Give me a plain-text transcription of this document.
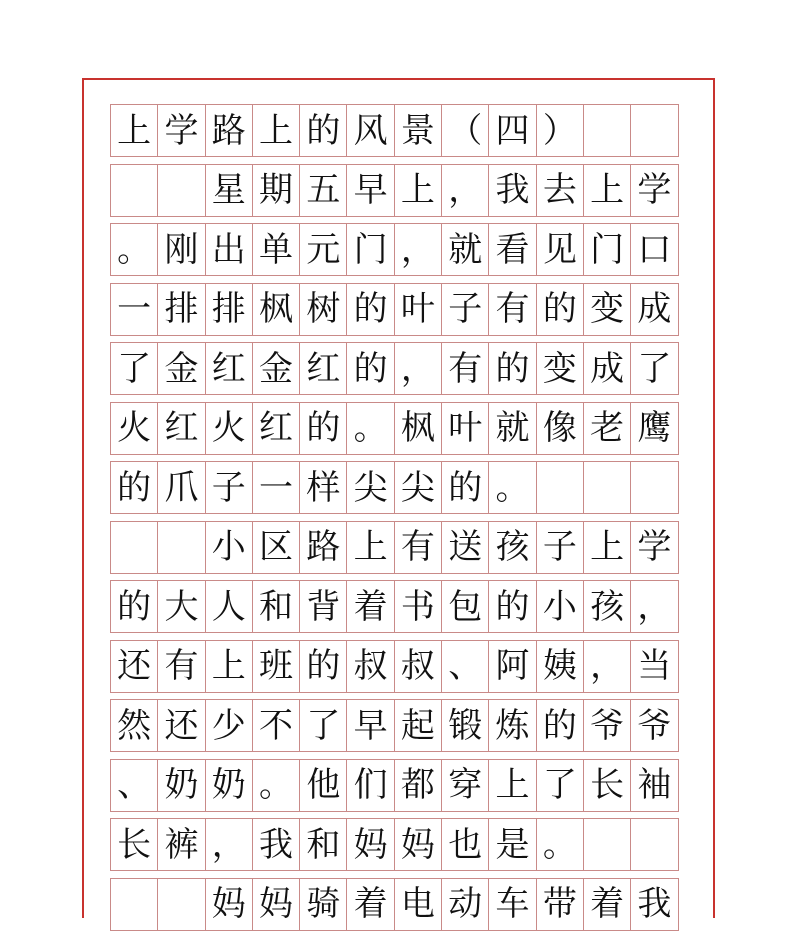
上 学 路 上 的 风 景 （ 四 ）
星 期 五 早 上 ， 我 去 上 学
。 刚 出 单 元 门 ， 就 看 见 门 口
一 排 排 枫 树 的 叶 子 有 的 变 成
了 金 红 金 红 的 ， 有 的 变 成 了
火 红 火 红 的 。 枫 叶 就 像 老 鹰
的 爪 子 一 样 尖 尖 的 。
小 区 路 上 有 送 孩 子 上 学
的 大 人 和 背 着 书 包 的 小 孩 ，
还 有 上 班 的 叔 叔 、 阿 姨 ， 当
然 还 少 不 了 早 起 锻 炼 的 爷 爷
、 奶 奶 。 他 们 都 穿 上 了 长 袖
长 裤 ， 我 和 妈 妈 也 是 。
妈 妈 骑 着 电 动 车 带 着 我
